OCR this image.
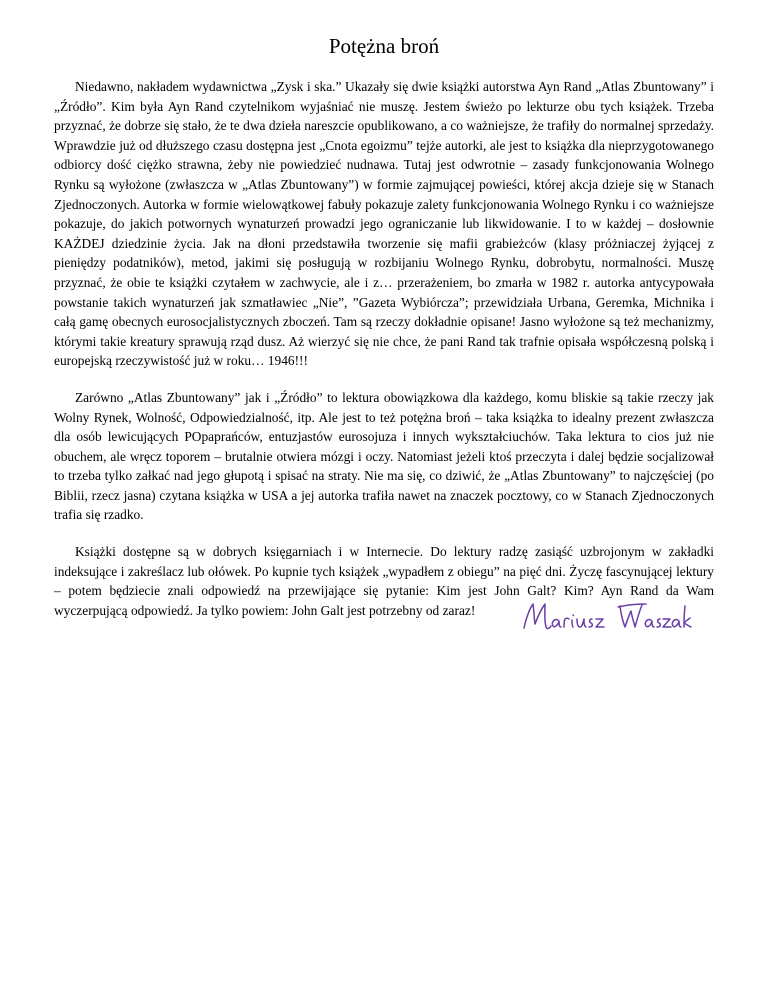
Potężna broń

Niedawno, nakładem wydawnictwa „Zysk i ska.” Ukazały się dwie książki autorstwa Ayn Rand „Atlas Zbuntowany” i „Źródło”. Kim była Ayn Rand czytelnikom wyjaśniać nie muszę. Jestem świeżo po lekturze obu tych książek. Trzeba przyznać, że dobrze się stało, że te dwa dzieła nareszcie opublikowano, a co ważniejsze, że trafiły do normalnej sprzedaży. Wprawdzie już od dłuższego czasu dostępna jest „Cnota egoizmu” tejże autorki, ale jest to książka dla nieprzygotowanego odbiorcy dość ciężko strawna, żeby nie powiedzieć nudnawa. Tutaj jest odwrotnie – zasady funkcjonowania Wolnego Rynku są wyłożone (zwłaszcza w „Atlas Zbuntowany”) w formie zajmującej powieści, której akcja dzieje się w Stanach Zjednoczonych. Autorka w formie wielowątkowej fabuły pokazuje zalety funkcjonowania Wolnego Rynku i co ważniejsze pokazuje, do jakich potwornych wynaturzeń prowadzi jego ograniczanie lub likwidowanie. I to w każdej – dosłownie KAŻDEJ dziedzinie życia. Jak na dłoni przedstawiła tworzenie się mafii grabieżców (klasy próżniaczej żyjącej z pieniędzy podatników), metod, jakimi się posługują w rozbijaniu Wolnego Rynku, dobrobytu, normalności. Muszę przyznać, że obie te książki czytałem w zachwycie, ale i z… przerażeniem, bo zmarła w 1982 r. autorka antycypowała powstanie takich wynaturzeń jak szmatławiec „Nie”, ”Gazeta Wybiórcza”; przewidziała Urbana, Geremka, Michnika i całą gamę obecnych eurosocjalistycznych zboczeń. Tam są rzeczy dokładnie opisane! Jasno wyłożone są też mechanizmy, którymi takie kreatury sprawują rząd dusz. Aż wierzyć się nie chce, że pani Rand tak trafnie opisała współczesną polską i europejską rzeczywistość już w roku… 1946!!!

Zarówno „Atlas Zbuntowany” jak i „Źródło” to lektura obowiązkowa dla każdego, komu bliskie są takie rzeczy jak Wolny Rynek, Wolność, Odpowiedzialność, itp. Ale jest to też potężna broń – taka książka to idealny prezent zwłaszcza dla osób lewicujących POpaprańców, entuzjastów eurosojuza i innych wykształciuchów. Taka lektura to cios już nie obuchem, ale wręcz toporem – brutalnie otwiera mózgi i oczy. Natomiast jeżeli ktoś przeczyta i dalej będzie socjalizował to trzeba tylko załkać nad jego głupotą i spisać na straty. Nie ma się, co dziwić, że „Atlas Zbuntowany” to najczęściej (po Biblii, rzecz jasna) czytana książka w USA a jej autorka trafiła nawet na znaczek pocztowy, co w Stanach Zjednoczonych trafia się rzadko.

Książki dostępne są w dobrych księgarniach i w Internecie. Do lektury radzę zasiąść uzbrojonym w zakładki indeksujące i zakreślacz lub ołówek. Po kupnie tych książek „wypadłem z obiegu” na pięć dni. Życzę fascynującej lektury – potem będziecie znali odpowiedź na przewijające się pytanie: Kim jest John Galt? Kim? Ayn Rand da Wam wyczerpującą odpowiedź. Ja tylko powiem: John Galt jest potrzebny od zaraz!
